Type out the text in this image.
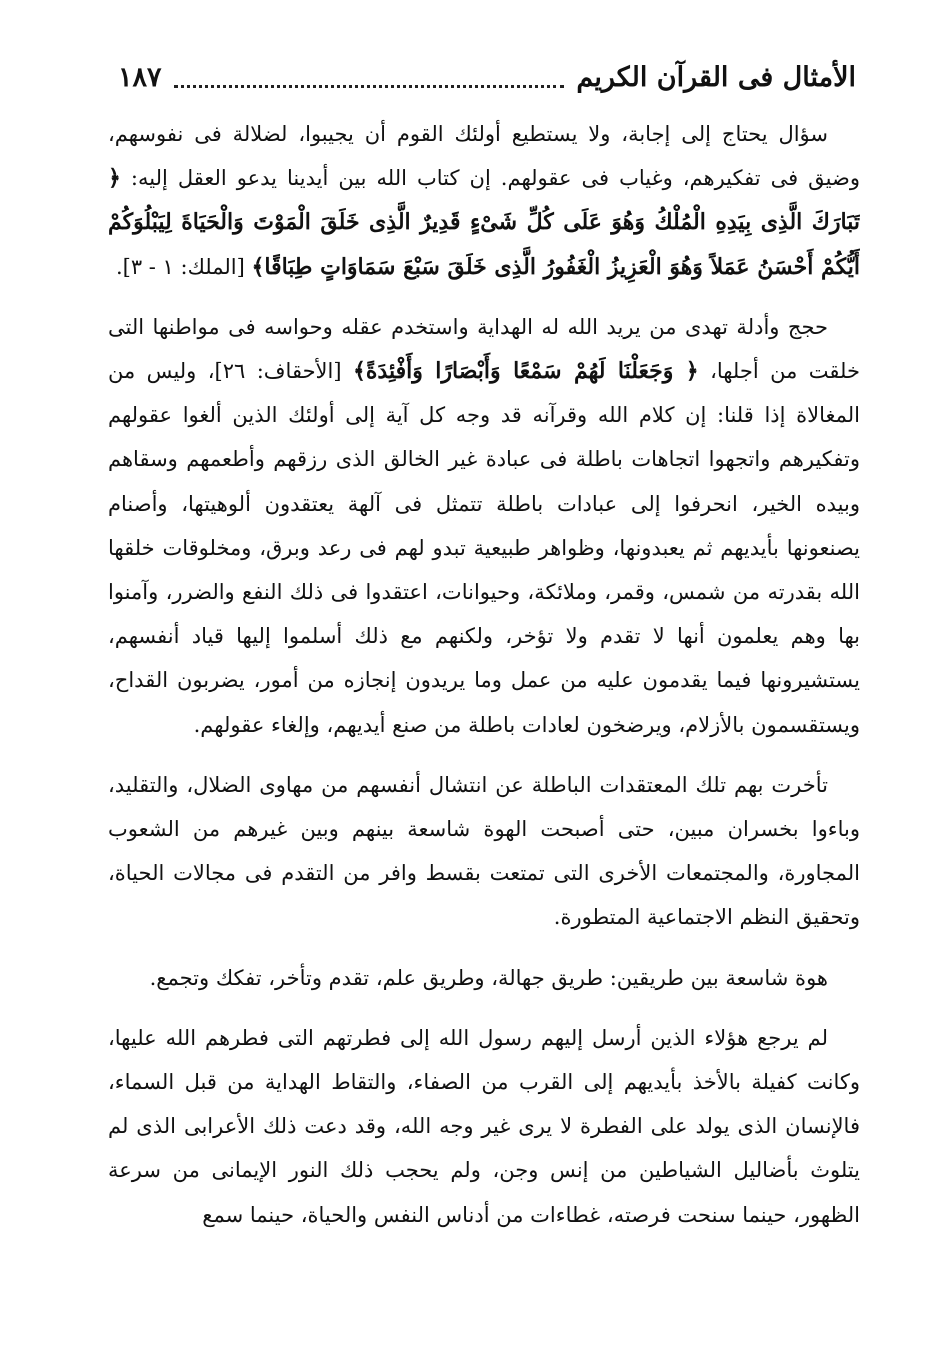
الأمثال فى القرآن الكريم
١٨٧

سؤال يحتاج إلى إجابة، ولا يستطيع أولئك القوم أن يجيبوا، لضلالة فى نفوسهم، وضيق فى تفكيرهم، وغياب فى عقولهم. إن كتاب الله بين أيدينا يدعو العقل إليه: ﴿ تَبَارَكَ الَّذِى بِيَدِهِ الْمُلْكُ وَهُوَ عَلَى كُلِّ شَىْءٍ قَدِيرٌ الَّذِى خَلَقَ الْمَوْتَ وَالْحَيَاةَ لِيَبْلُوَكُمْ أَيُّكُمْ أَحْسَنُ عَمَلاً وَهُوَ الْعَزِيزُ الْغَفُورُ الَّذِى خَلَقَ سَبْعَ سَمَاوَاتٍ طِبَاقًا﴾ [الملك: ١ - ٣].

حجج وأدلة تهدى من يريد الله له الهداية واستخدم عقله وحواسه فى مواطنها التى خلقت من أجلها، ﴿ وَجَعَلْنَا لَهُمْ سَمْعًا وَأَبْصَارًا وَأَفْئِدَةً﴾ [الأحقاف: ٢٦]، وليس من المغالاة إذا قلنا: إن كلام الله وقرآنه قد وجه كل آية إلى أولئك الذين ألغوا عقولهم وتفكيرهم واتجهوا اتجاهات باطلة فى عبادة غير الخالق الذى رزقهم وأطعمهم وسقاهم وبيده الخير، انحرفوا إلى عبادات باطلة تتمثل فى آلهة يعتقدون ألوهيتها، وأصنام يصنعونها بأيديهم ثم يعبدونها، وظواهر طبيعية تبدو لهم فى رعد وبرق، ومخلوقات خلقها الله بقدرته من شمس، وقمر، وملائكة، وحيوانات، اعتقدوا فى ذلك النفع والضرر، وآمنوا بها وهم يعلمون أنها لا تقدم ولا تؤخر، ولكنهم مع ذلك أسلموا إليها قياد أنفسهم، يستشيرونها فيما يقدمون عليه من عمل وما يريدون إنجازه من أمور، يضربون القداح، ويستقسمون بالأزلام، ويرضخون لعادات باطلة من صنع أيديهم، وإلغاء عقولهم.

تأخرت بهم تلك المعتقدات الباطلة عن انتشال أنفسهم من مهاوى الضلال، والتقليد، وباءوا بخسران مبين، حتى أصبحت الهوة شاسعة بينهم وبين غيرهم من الشعوب المجاورة، والمجتمعات الأخرى التى تمتعت بقسط وافر من التقدم فى مجالات الحياة، وتحقيق النظم الاجتماعية المتطورة.

هوة شاسعة بين طريقين: طريق جهالة، وطريق علم، تقدم وتأخر، تفكك وتجمع.

لم يرجع هؤلاء الذين أرسل إليهم رسول الله إلى فطرتهم التى فطرهم الله عليها، وكانت كفيلة بالأخذ بأيديهم إلى القرب من الصفاء، والتقاط الهداية من قبل السماء، فالإنسان الذى يولد على الفطرة لا يرى غير وجه الله، وقد دعت ذلك الأعرابى الذى لم يتلوث بأضاليل الشياطين من إنس وجن، ولم يحجب ذلك النور الإيمانى من سرعة الظهور، حينما سنحت فرصته، غطاءات من أدناس النفس والحياة، حينما سمع
